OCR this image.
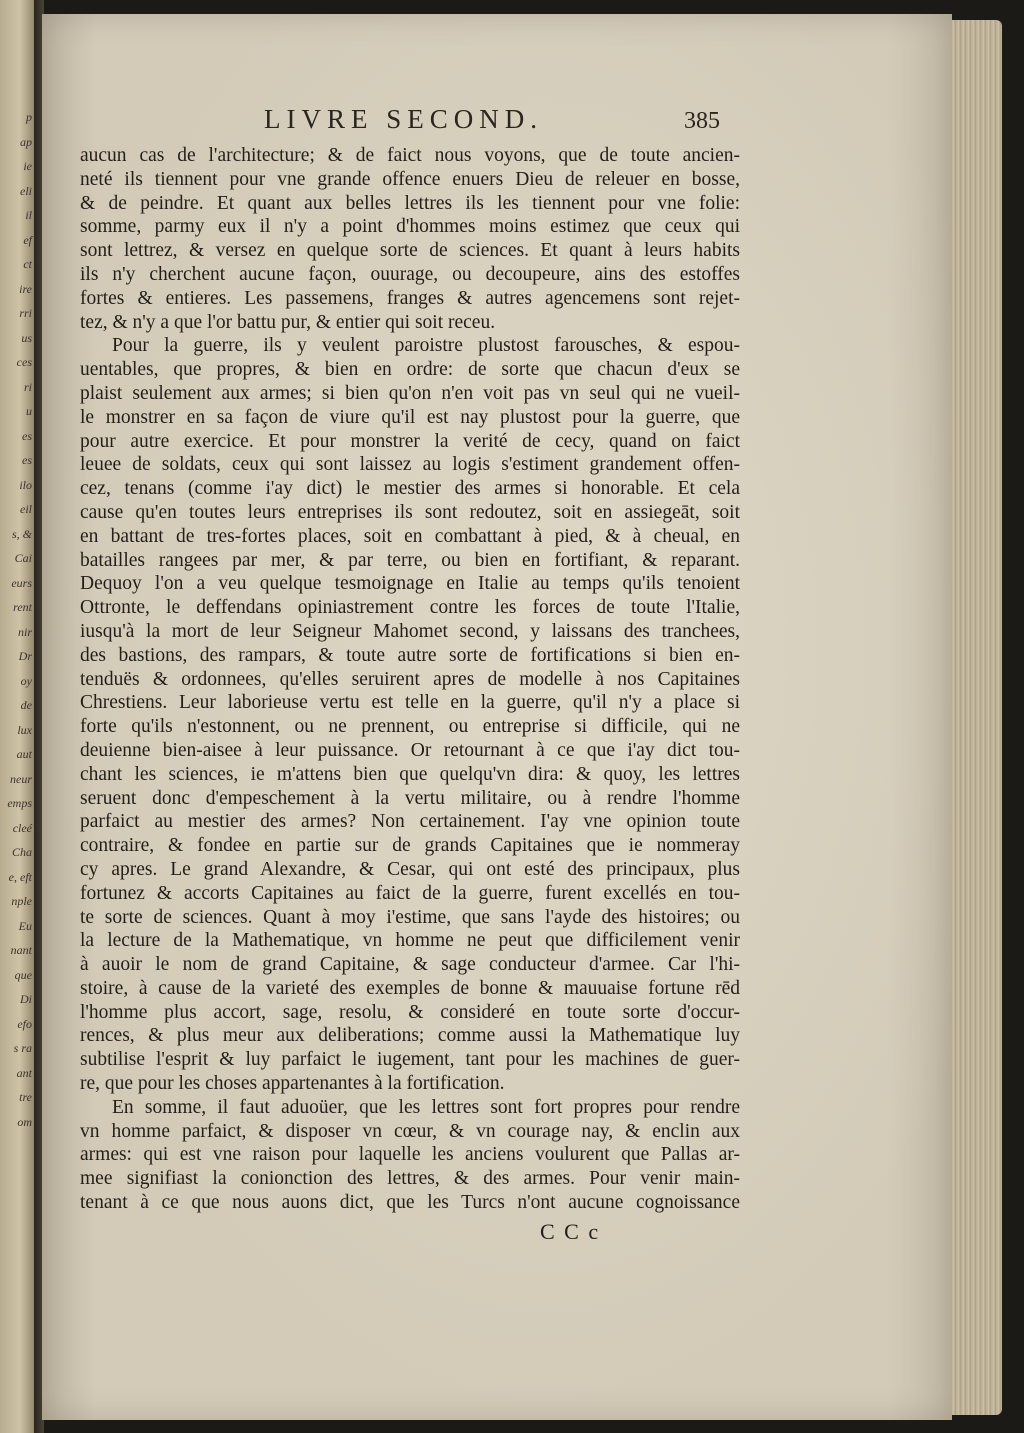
p
ap
ie
eli
il
ef
ct
ire
rri
us
ces
ri
u
es
es
ilo
eil
s, &
Cai
eurs
rent
nir
Dr
oy
de
lux
aut
neur
emps
cleé
Cha
e, eft
nple
Eu
nant
que
Di
efo
s ra
ant
tre
om
LIVRE SECOND.	385
aucun cas de l'architecture; & de faict nous voyons, que de toute ancien-
neté ils tiennent pour vne grande offence enuers Dieu de releuer en bosse,
& de peindre. Et quant aux belles lettres ils les tiennent pour vne folie:
somme, parmy eux il n'y a point d'hommes moins estimez que ceux qui
sont lettrez, & versez en quelque sorte de sciences. Et quant à leurs habits
ils n'y cherchent aucune façon, ouurage, ou decoupeure, ains des estoffes
fortes & entieres. Les passemens, franges & autres agencemens sont rejet-
tez, & n'y a que l'or battu pur, & entier qui soit receu.
Pour la guerre, ils y veulent paroistre plustost farousches, & espou-
uentables, que propres, & bien en ordre: de sorte que chacun d'eux se
plaist seulement aux armes; si bien qu'on n'en voit pas vn seul qui ne vueil-
le monstrer en sa façon de viure qu'il est nay plustost pour la guerre, que
pour autre exercice. Et pour monstrer la verité de cecy, quand on faict
leuee de soldats, ceux qui sont laissez au logis s'estiment grandement offen-
cez, tenans (comme i'ay dict) le mestier des armes si honorable. Et cela
cause qu'en toutes leurs entreprises ils sont redoutez, soit en assiegeāt, soit
en battant de tres-fortes places, soit en combattant à pied, & à cheual, en
batailles rangees par mer, & par terre, ou bien en fortifiant, & reparant.
Dequoy l'on a veu quelque tesmoignage en Italie au temps qu'ils tenoient
Ottronte, le deffendans opiniastrement contre les forces de toute l'Italie,
iusqu'à la mort de leur Seigneur Mahomet second, y laissans des tranchees,
des bastions, des rampars, & toute autre sorte de fortifications si bien en-
tenduës & ordonnees, qu'elles seruirent apres de modelle à nos Capitaines
Chrestiens. Leur laborieuse vertu est telle en la guerre, qu'il n'y a place si
forte qu'ils n'estonnent, ou ne prennent, ou entreprise si difficile, qui ne
deuienne bien-aisee à leur puissance. Or retournant à ce que i'ay dict tou-
chant les sciences, ie m'attens bien que quelqu'vn dira: & quoy, les lettres
seruent donc d'empeschement à la vertu militaire, ou à rendre l'homme
parfaict au mestier des armes? Non certainement. I'ay vne opinion toute
contraire, & fondee en partie sur de grands Capitaines que ie nommeray
cy apres. Le grand Alexandre, & Cesar, qui ont esté des principaux, plus
fortunez & accorts Capitaines au faict de la guerre, furent excellés en tou-
te sorte de sciences. Quant à moy i'estime, que sans l'ayde des histoires; ou
la lecture de la Mathematique, vn homme ne peut que difficilement venir
à auoir le nom de grand Capitaine, & sage conducteur d'armee. Car l'hi-
stoire, à cause de la varieté des exemples de bonne & mauuaise fortune rēd
l'homme plus accort, sage, resolu, & consideré en toute sorte d'occur-
rences, & plus meur aux deliberations; comme aussi la Mathematique luy
subtilise l'esprit & luy parfaict le iugement, tant pour les machines de guer-
re, que pour les choses appartenantes à la fortification.
En somme, il faut aduoüer, que les lettres sont fort propres pour rendre
vn homme parfaict, & disposer vn cœur, & vn courage nay, & enclin aux
armes: qui est vne raison pour laquelle les anciens voulurent que Pallas ar-
mee signifiast la conionction des lettres, & des armes. Pour venir main-
tenant à ce que nous auons dict, que les Turcs n'ont aucune cognoissance
C C c
